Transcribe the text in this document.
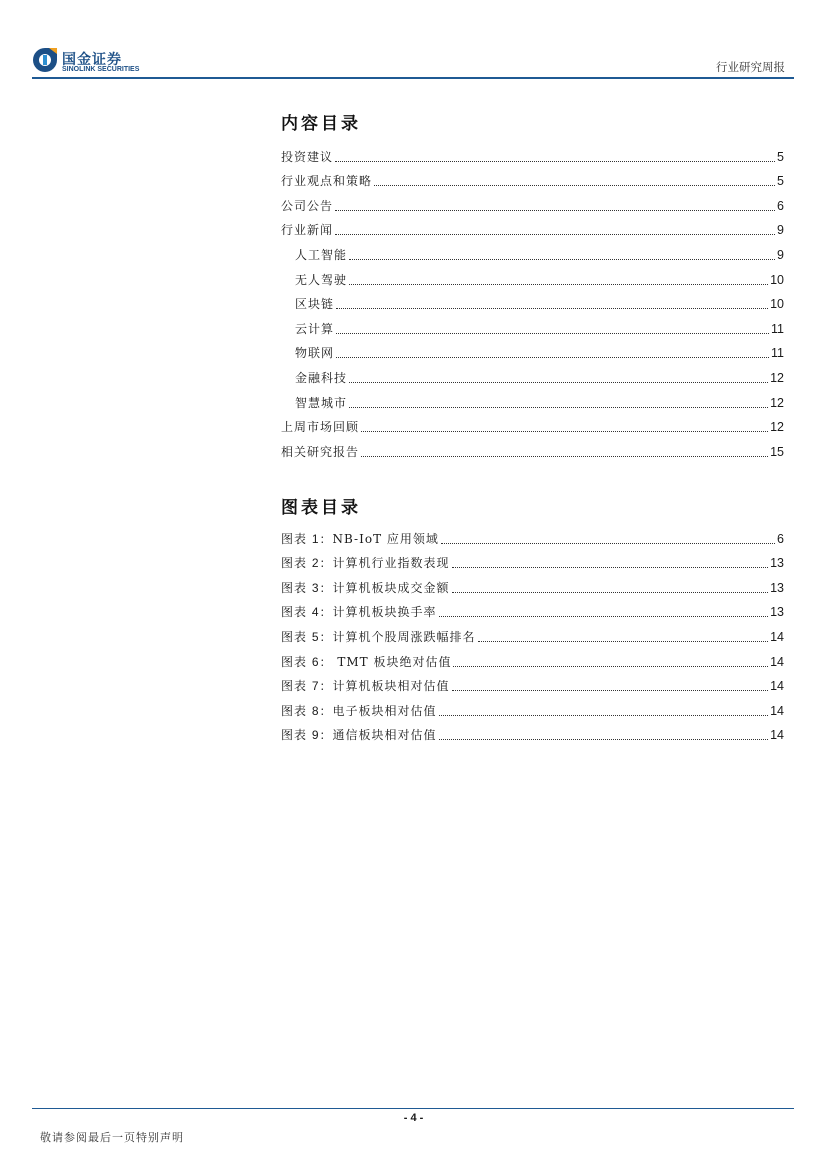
国金证券
SINOLINK SECURITIES	行业研究周报
内容目录
投资建议	5
行业观点和策略	5
公司公告	6
行业新闻	9
人工智能	9
无人驾驶	10
区块链	10
云计算	11
物联网	11
金融科技	12
智慧城市	12
上周市场回顾	12
相关研究报告	15
图表目录
图表 1：NB-IoT 应用领域	6
图表 2：计算机行业指数表现	13
图表 3：计算机板块成交金额	13
图表 4：计算机板块换手率	13
图表 5：计算机个股周涨跌幅排名	14
图表 6： TMT 板块绝对估值	14
图表 7：计算机板块相对估值	14
图表 8：电子板块相对估值	14
图表 9：通信板块相对估值	14
- 4 -
敬请参阅最后一页特别声明
